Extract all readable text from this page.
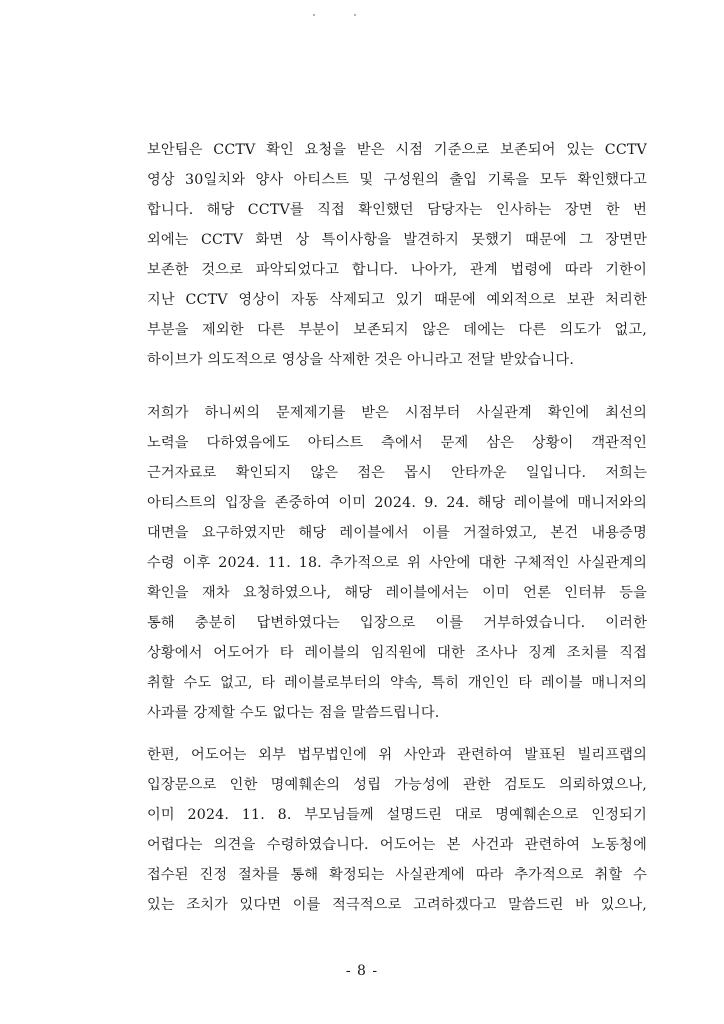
보안팀은 CCTV 확인 요청을 받은 시점 기준으로 보존되어 있는 CCTV
영상 30일치와 양사 아티스트 및 구성원의 출입 기록을 모두 확인했다고
합니다. 해당 CCTV를 직접 확인했던 담당자는 인사하는 장면 한 번
외에는 CCTV 화면 상 특이사항을 발견하지 못했기 때문에 그 장면만
보존한 것으로 파악되었다고 합니다. 나아가, 관계 법령에 따라 기한이
지난 CCTV 영상이 자동 삭제되고 있기 때문에 예외적으로 보관 처리한
부분을 제외한 다른 부분이 보존되지 않은 데에는 다른 의도가 없고,
하이브가 의도적으로 영상을 삭제한 것은 아니라고 전달 받았습니다.
저희가 하니씨의 문제제기를 받은 시점부터 사실관계 확인에 최선의
노력을 다하였음에도 아티스트 측에서 문제 삼은 상황이 객관적인
근거자료로 확인되지 않은 점은 몹시 안타까운 일입니다. 저희는
아티스트의 입장을 존중하여 이미 2024. 9. 24. 해당 레이블에 매니저와의
대면을 요구하였지만 해당 레이블에서 이를 거절하였고, 본건 내용증명
수령 이후 2024. 11. 18. 추가적으로 위 사안에 대한 구체적인 사실관계의
확인을 재차 요청하였으나, 해당 레이블에서는 이미 언론 인터뷰 등을
통해 충분히 답변하였다는 입장으로 이를 거부하였습니다. 이러한
상황에서 어도어가 타 레이블의 임직원에 대한 조사나 징계 조치를 직접
취할 수도 없고, 타 레이블로부터의 약속, 특히 개인인 타 레이블 매니저의
사과를 강제할 수도 없다는 점을 말씀드립니다.
한편, 어도어는 외부 법무법인에 위 사안과 관련하여 발표된 빌리프랩의
입장문으로 인한 명예훼손의 성립 가능성에 관한 검토도 의뢰하였으나,
이미 2024. 11. 8. 부모님들께 설명드린 대로 명예훼손으로 인정되기
어렵다는 의견을 수령하였습니다. 어도어는 본 사건과 관련하여 노동청에
접수된 진정 절차를 통해 확정되는 사실관계에 따라 추가적으로 취할 수
있는 조치가 있다면 이를 적극적으로 고려하겠다고 말씀드린 바 있으나,
- 8 -
